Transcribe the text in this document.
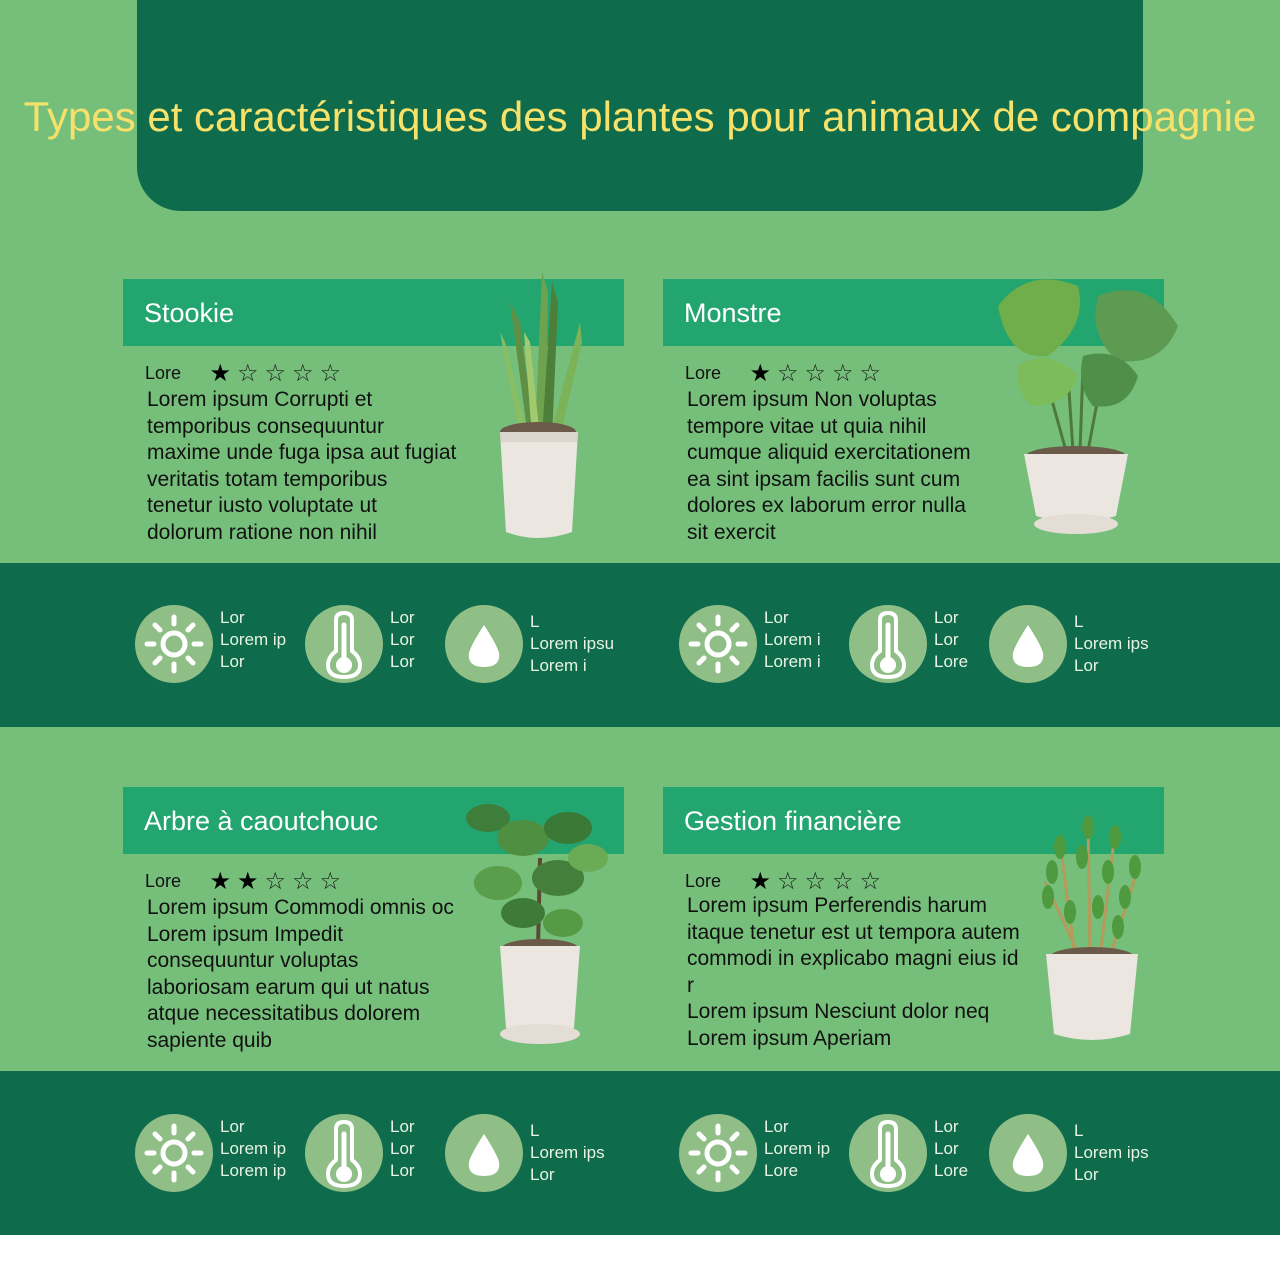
Types et caractéristiques des plantes pour animaux de compagnie
Stookie
Lore ★☆☆☆☆
Lorem ipsum Corrupti et
temporibus consequuntur
maxime unde fuga ipsa aut fugiat
veritatis totam temporibus
tenetur iusto voluptate ut
dolorum ratione non nihil
Monstre
Lore ★☆☆☆☆
Lorem ipsum Non voluptas
tempore vitae ut quia nihil
cumque aliquid exercitationem
ea sint ipsam facilis sunt cum
dolores ex laborum error nulla
sit exercit
Arbre à caoutchouc
Lore ★★☆☆☆
Lorem ipsum Commodi omnis oc
Lorem ipsum Impedit
consequuntur voluptas
laboriosam earum qui ut natus
atque necessitatibus dolorem
sapiente quib
Gestion financière
Lore ★☆☆☆☆
Lorem ipsum Perferendis harum
itaque tenetur est ut tempora autem
commodi in explicabo magni eius id
r
Lorem ipsum Nesciunt dolor neq
Lorem ipsum Aperiam
Lor
Lorem ip
Lor
Lor
Lor
Lor
L
Lorem ipsu
Lorem i
Lor
Lorem i
Lorem i
Lor
Lor
Lore
L
Lorem ips
Lor
Lor
Lorem ip
Lorem ip
Lor
Lor
Lor
L
Lorem ips
Lor
Lor
Lorem ip
Lore
Lor
Lor
Lore
L
Lorem ips
Lor
